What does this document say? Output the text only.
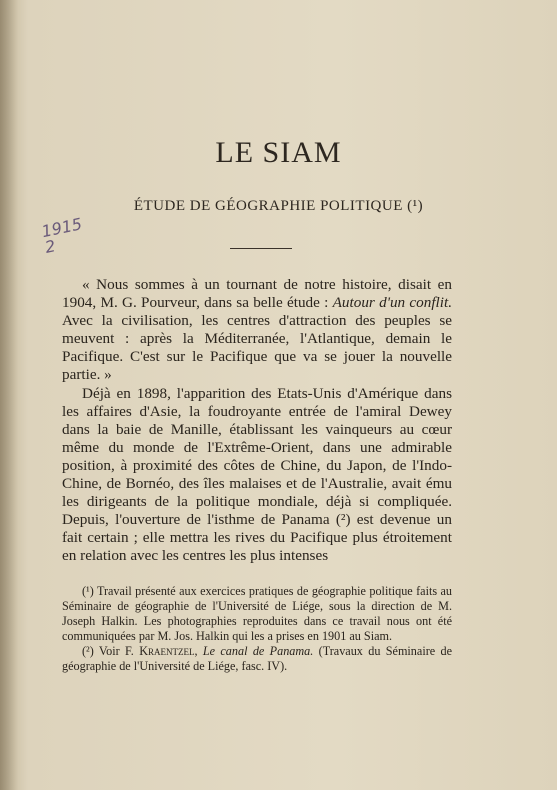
LE SIAM
ÉTUDE DE GÉOGRAPHIE POLITIQUE (¹)
1915
2

« Nous sommes à un tournant de notre histoire, disait en 1904, M. G. Pourveur, dans sa belle étude : Autour d'un conflit. Avec la civilisation, les centres d'attraction des peuples se meuvent : après la Méditerranée, l'Atlantique, demain le Pacifique. C'est sur le Pacifique que va se jouer la nouvelle partie. »

Déjà en 1898, l'apparition des Etats-Unis d'Amérique dans les affaires d'Asie, la foudroyante entrée de l'amiral Dewey dans la baie de Manille, établissant les vainqueurs au cœur même du monde de l'Extrême-Orient, dans une admirable position, à proximité des côtes de Chine, du Japon, de l'Indo-Chine, de Bornéo, des îles malaises et de l'Australie, avait ému les dirigeants de la politique mondiale, déjà si compliquée. Depuis, l'ouverture de l'isthme de Panama (²) est devenue un fait certain ; elle mettra les rives du Pacifique plus étroitement en relation avec les centres les plus intenses

(¹) Travail présenté aux exercices pratiques de géographie politique faits au Séminaire de géographie de l'Université de Liége, sous la direction de M. Joseph Halkin. Les photographies reproduites dans ce travail nous ont été communiquées par M. Jos. Halkin qui les a prises en 1901 au Siam.

(²) Voir F. Kraentzel, Le canal de Panama. (Travaux du Séminaire de géographie de l'Université de Liége, fasc. IV).
